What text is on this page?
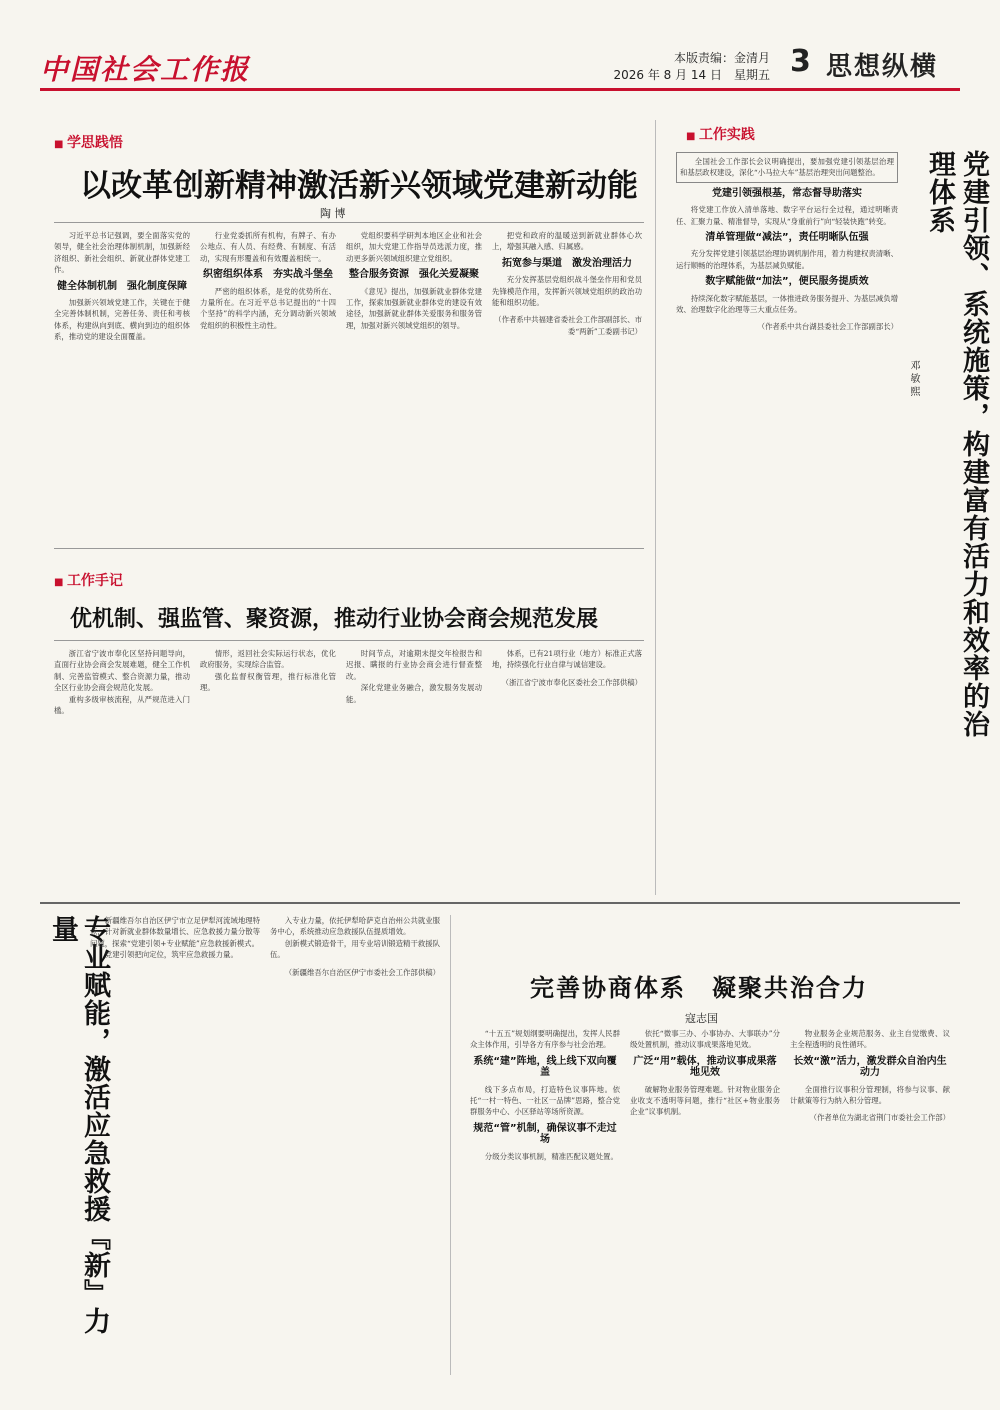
中国社会工作报	本版责编：金清月
2026 年 8 月 14 日　星期五 3 思想纵横
■ 学思践悟
以改革创新精神激活新兴领域党建新动能
陶 博

习近平总书记强调，要全面落实党的领导，健全社会治理体制机制，加强新经济组织、新社会组织、新就业群体党建工作。

健全体制机制　强化制度保障

加强新兴领域党建工作，关键在于健全完善体制机制，完善任务、责任和考核体系，构建纵向到底、横向到边的组织体系，推动党的建设全面覆盖。

行业党委抓所有机构，有牌子、有办公地点、有人员、有经费、有制度、有活动，实现有形覆盖和有效覆盖相统一。

织密组织体系　夯实战斗堡垒

严密的组织体系，是党的优势所在、力量所在。在习近平总书记提出的“十四个坚持”的科学内涵，充分调动新兴领域党组织的积极性主动性。

党组织要科学研判本地区企业和社会组织，加大党建工作指导员选派力度，推动更多新兴领域组织建立党组织。

整合服务资源　强化关爱凝聚

《意见》提出，加强新就业群体党建工作，探索加强新就业群体党的建设有效途径，加强新就业群体关爱服务和服务管理，加强对新兴领域党组织的领导。

把党和政府的温暖送到新就业群体心坎上，增强其融入感、归属感。

拓宽参与渠道　激发治理活力

充分发挥基层党组织战斗堡垒作用和党员先锋模范作用，发挥新兴领域党组织的政治功能和组织功能。

（作者系中共福建省委社会工作部副部长、市委“两新”工委副书记）

■ 工作手记
优机制、强监管、聚资源，推动行业协会商会规范发展

浙江省宁波市奉化区坚持问题导向，直面行业协会商会发展难题，健全工作机制、完善监管模式、整合资源力量，推动全区行业协会商会规范化发展。

重构多级审核流程，从严规范进入门槛。

情形，返回社会实际运行状态，优化政府服务，实现综合监管。

强化监督权衡管理，推行标准化管理。

时间节点，对逾期未提交年检报告和迟报、瞒报的行业协会商会进行督查整改。

深化党建业务融合，激发服务发展动能。

体系，已有21项行业（地方）标准正式落地，持续强化行业自律与诚信建设。

（浙江省宁波市奉化区委社会工作部供稿）

■ 工作实践
党建引领、系统施策，构建富有活力和效率的治理体系
邓 敏 熙

全国社会工作部长会议明确提出，要加强党建引领基层治理和基层政权建设，深化“小马拉大车”基层治理突出问题整治。

党建引领强根基，常态督导助落实

将党建工作放入清单落地、数字平台运行全过程，通过明晰责任、汇聚力量、精准督导，实现从“身重前行”向“轻装快跑”转变。

清单管理做“减法”，责任明晰队伍强

充分发挥党建引领基层治理协调机制作用，着力构建权责清晰、运行顺畅的治理体系，为基层减负赋能。

数字赋能做“加法”，便民服务提质效

持续深化数字赋能基层，一体推进政务服务提升、为基层减负增效、治理数字化治理等三大重点任务。

（作者系中共台湖县委社会工作部副部长）

专业赋能，激活应急救援『新』力量	新疆维吾尔自治区伊宁市立足伊犁河流域地理特点，针对新就业群体数量增长、应急救援力量分散等问题，探索“党建引领+专业赋能”应急救援新模式。

党建引领把向定位，筑牢应急救援力量。

入专业力量，依托伊犁哈萨克自治州公共就业服务中心，系统推动应急救援队伍提质增效。

创新模式锻造骨干，用专业培训锻造精干救援队伍。

（新疆维吾尔自治区伊宁市委社会工作部供稿）

完善协商体系　凝聚共治合力
寇志国

“十五五”规划纲要明确提出，发挥人民群众主体作用，引导各方有序参与社会治理。

系统“建”阵地，线上线下双向覆盖

线下多点布局，打造特色议事阵地。依托“一村一特色、一社区一品牌”思路，整合党群服务中心、小区驿站等场所资源。

规范“管”机制，确保议事不走过场

分级分类议事机制，精准匹配议题处置。

依托“微事三办、小事协办、大事联办”分级处置机制，推动议事成果落地见效。

广泛“用”载体，推动议事成果落地见效

破解物业服务管理难题。针对物业服务企业收支不透明等问题，推行“社区+物业服务企业”议事机制。

物业服务企业规范服务、业主自觉缴费、议主全程透明的良性循环。

长效“激”活力，激发群众自治内生动力

全面推行议事积分管理制，将参与议事、献计献策等行为纳入积分管理。

（作者单位为湖北省荆门市委社会工作部）
